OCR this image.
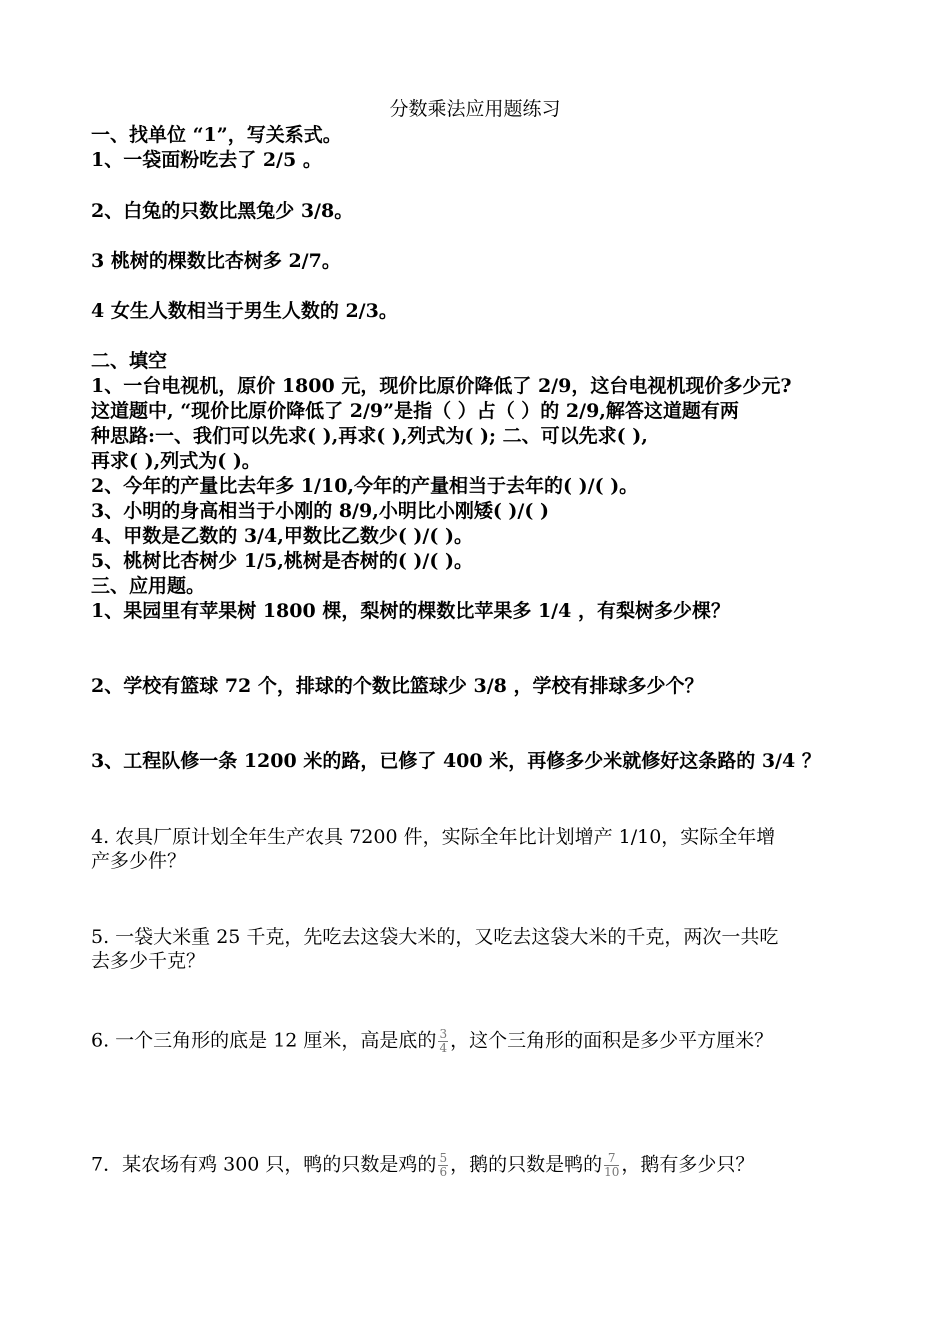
分数乘法应用题练习
一、找单位 “1”，写关系式。
1、一袋面粉吃去了 2/5 。
2、白兔的只数比黑兔少 3/8。
3 桃树的棵数比杏树多 2/7。
4 女生人数相当于男生人数的 2/3。
二、填空
1、一台电视机，原价 1800 元，现价比原价降低了 2/9，这台电视机现价多少元?
这道题中, “现价比原价降低了 2/9”是指（ ）占（ ）的 2/9,解答这道题有两
种思路:一、我们可以先求( ),再求( ),列式为( ); 二、可以先求( ),
再求( ),列式为( )。
2、今年的产量比去年多 1/10,今年的产量相当于去年的( )/( )。
3、小明的身高相当于小刚的 8/9,小明比小刚矮( )/( )
4、甲数是乙数的 3/4,甲数比乙数少( )/( )。
5、桃树比杏树少 1/5,桃树是杏树的( )/( )。
三、应用题。
1、果园里有苹果树 1800 棵，梨树的棵数比苹果多 1/4 ，有梨树多少棵？
2、学校有篮球 72 个，排球的个数比篮球少 3/8 ，学校有排球多少个？
3、工程队修一条 1200 米的路，已修了 400 米，再修多少米就修好这条路的 3/4 ？
4. 农具厂原计划全年生产农具 7200 件，实际全年比计划增产 1/10，实际全年增
产多少件？
5. 一袋大米重 25 千克，先吃去这袋大米的，又吃去这袋大米的千克，两次一共吃
去多少千克？
6. 一个三角形的底是 12 厘米，高是底的 $\frac{3}{4}$ ，这个三角形的面积是多少平方厘米？
7．某农场有鸡 300 只，鸭的只数是鸡的 $\frac{5}{6}$ ，鹅的只数是鸭的 $\frac{7}{10}$ ，鹅有多少只？
